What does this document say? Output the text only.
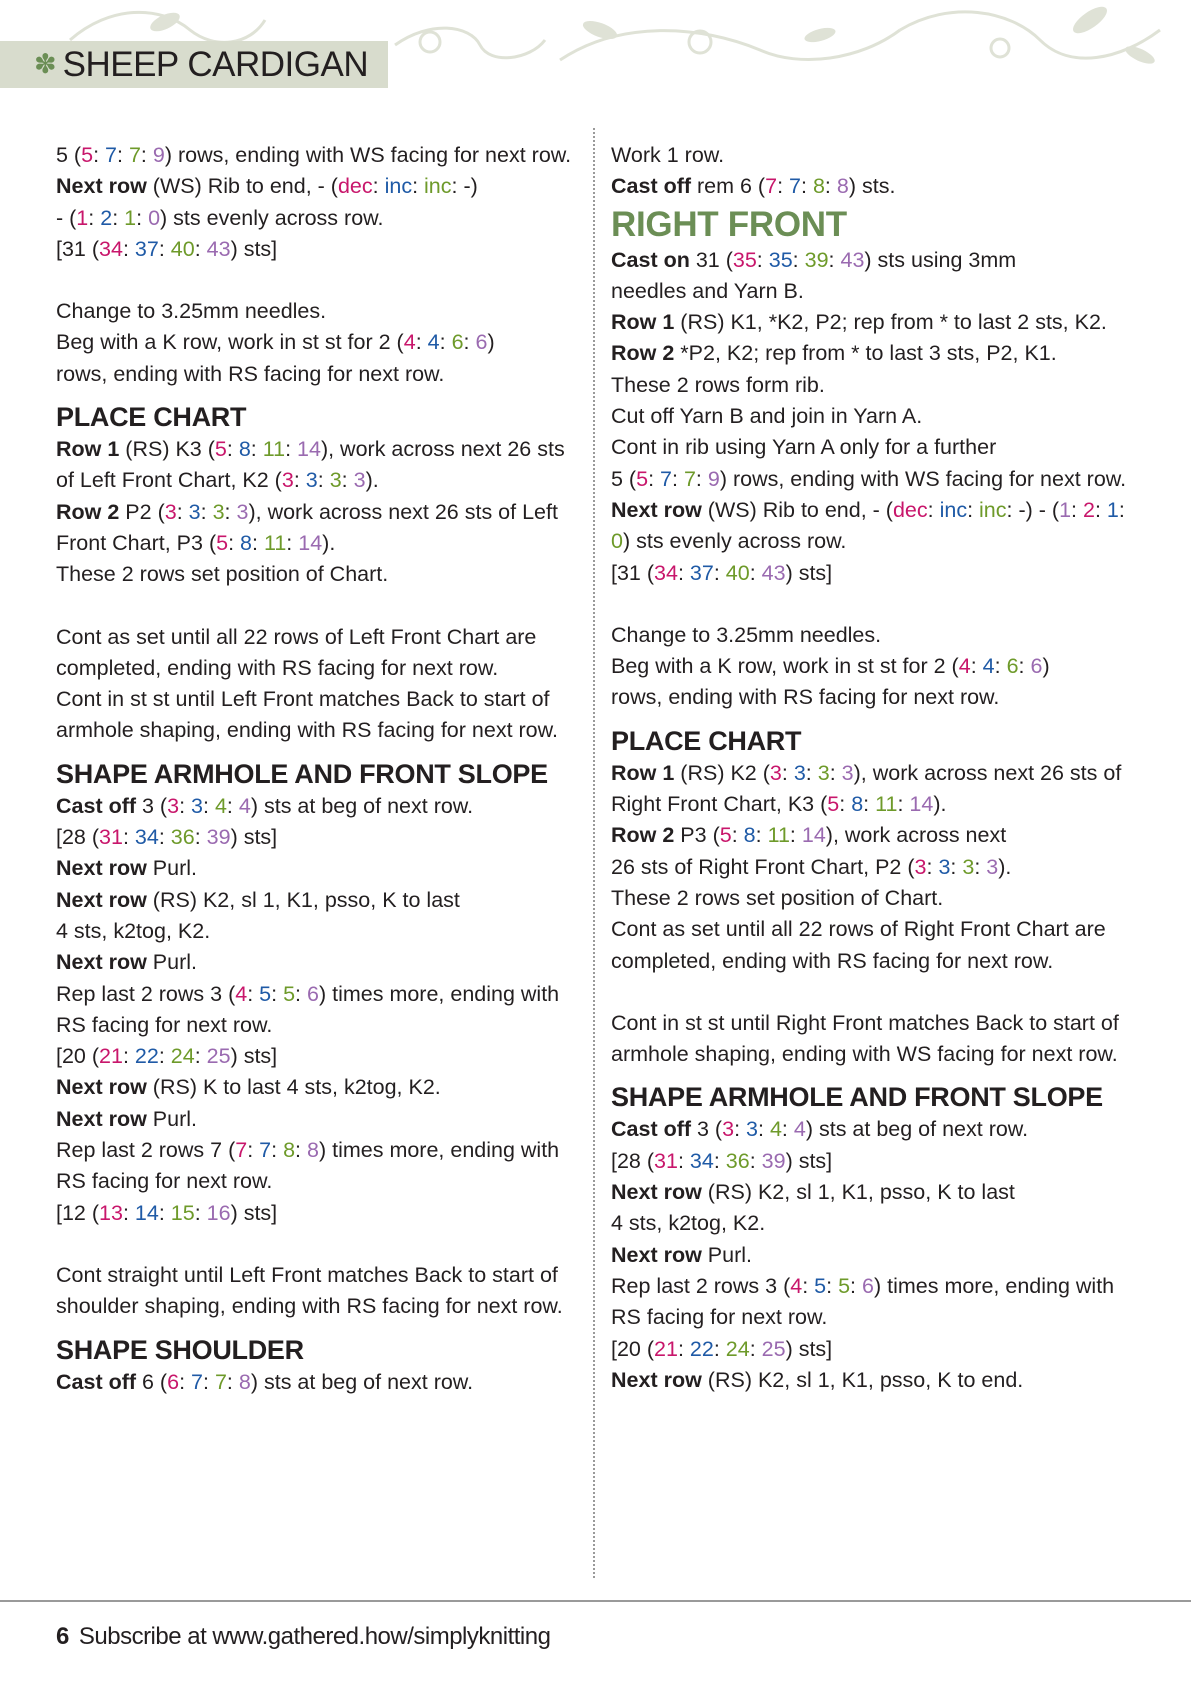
✽ SHEEP CARDIGAN

5 (5: 7: 7: 9) rows, ending with WS facing for next row.

Next row (WS) Rib to end, - (dec: inc: inc: -)

- (1: 2: 1: 0) sts evenly across row.

[31 (34: 37: 40: 43) sts]

Change to 3.25mm needles.

Beg with a K row, work in st st for 2 (4: 4: 6: 6)

rows, ending with RS facing for next row.

PLACE CHART

Row 1 (RS) K3 (5: 8: 11: 14), work across next 26 sts of Left Front Chart, K2 (3: 3: 3: 3).

Row 2 P2 (3: 3: 3: 3), work across next 26 sts of Left Front Chart, P3 (5: 8: 11: 14).

These 2 rows set position of Chart.

Cont as set until all 22 rows of Left Front Chart are completed, ending with RS facing for next row.

Cont in st st until Left Front matches Back to start of armhole shaping, ending with RS facing for next row.

SHAPE ARMHOLE AND FRONT SLOPE

Cast off 3 (3: 3: 4: 4) sts at beg of next row.

[28 (31: 34: 36: 39) sts]

Next row Purl.

Next row (RS) K2, sl 1, K1, psso, K to last

4 sts, k2tog, K2.

Next row Purl.

Rep last 2 rows 3 (4: 5: 5: 6) times more, ending with RS facing for next row.

[20 (21: 22: 24: 25) sts]

Next row (RS) K to last 4 sts, k2tog, K2.

Next row Purl.

Rep last 2 rows 7 (7: 7: 8: 8) times more, ending with RS facing for next row.

[12 (13: 14: 15: 16) sts]

Cont straight until Left Front matches Back to start of shoulder shaping, ending with RS facing for next row.

SHAPE SHOULDER

Cast off 6 (6: 7: 7: 8) sts at beg of next row.

Work 1 row.

Cast off rem 6 (7: 7: 8: 8) sts.

RIGHT FRONT

Cast on 31 (35: 35: 39: 43) sts using 3mm

needles and Yarn B.

Row 1 (RS) K1, *K2, P2; rep from * to last 2 sts, K2.

Row 2 *P2, K2; rep from * to last 3 sts, P2, K1.

These 2 rows form rib.

Cut off Yarn B and join in Yarn A.

Cont in rib using Yarn A only for a further

5 (5: 7: 7: 9) rows, ending with WS facing for next row.

Next row (WS) Rib to end, - (dec: inc: inc: -) - (1: 2: 1: 0) sts evenly across row.

[31 (34: 37: 40: 43) sts]

Change to 3.25mm needles.

Beg with a K row, work in st st for 2 (4: 4: 6: 6)

rows, ending with RS facing for next row.

PLACE CHART

Row 1 (RS) K2 (3: 3: 3: 3), work across next 26 sts of Right Front Chart, K3 (5: 8: 11: 14).

Row 2 P3 (5: 8: 11: 14), work across next

26 sts of Right Front Chart, P2 (3: 3: 3: 3).

These 2 rows set position of Chart.

Cont as set until all 22 rows of Right Front Chart are completed, ending with RS facing for next row.

Cont in st st until Right Front matches Back to start of armhole shaping, ending with WS facing for next row.

SHAPE ARMHOLE AND FRONT SLOPE

Cast off 3 (3: 3: 4: 4) sts at beg of next row.

[28 (31: 34: 36: 39) sts]

Next row (RS) K2, sl 1, K1, psso, K to last

4 sts, k2tog, K2.

Next row Purl.

Rep last 2 rows 3 (4: 5: 5: 6) times more, ending with RS facing for next row.

[20 (21: 22: 24: 25) sts]

Next row (RS) K2, sl 1, K1, psso, K to end.

6 Subscribe at www.gathered.how/simplyknitting
